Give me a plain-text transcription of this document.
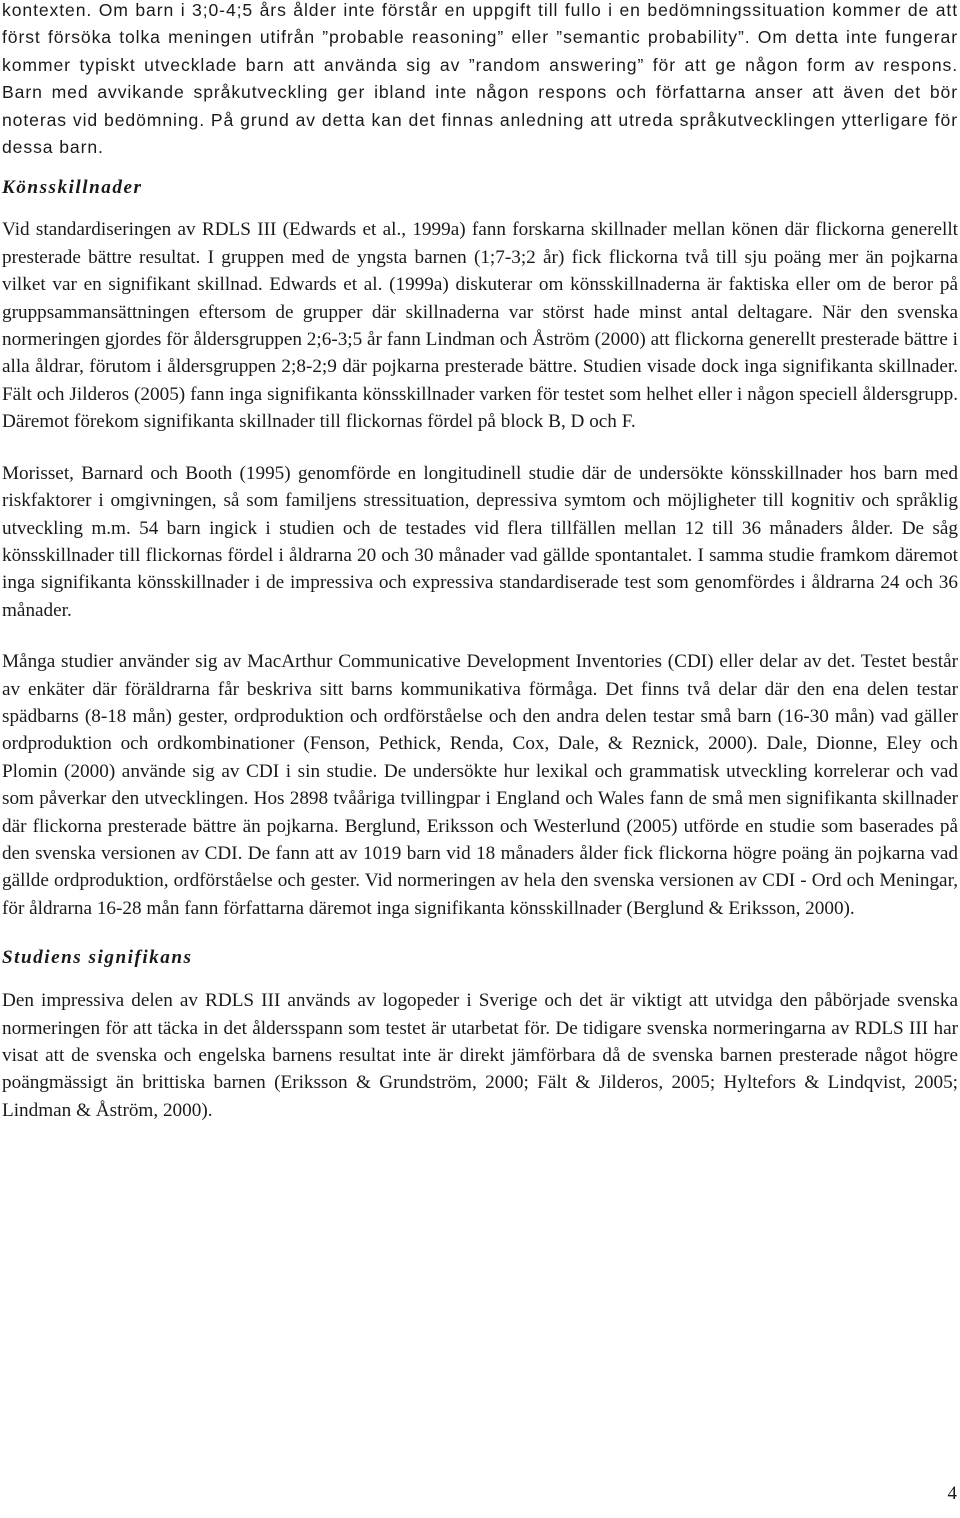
kontexten. Om barn i 3;0-4;5 års ålder inte förstår en uppgift till fullo i en bedömningssituation kommer de att först försöka tolka meningen utifrån ”probable reasoning” eller ”semantic probability”. Om detta inte fungerar kommer typiskt utvecklade barn att använda sig av ”random answering” för att ge någon form av respons. Barn med avvikande språkutveckling ger ibland inte någon respons och författarna anser att även det bör noteras vid bedömning. På grund av detta kan det finnas anledning att utreda språkutvecklingen ytterligare för dessa barn.

Könsskillnader

Vid standardiseringen av RDLS III (Edwards et al., 1999a) fann forskarna skillnader mellan könen där flickorna generellt presterade bättre resultat. I gruppen med de yngsta barnen (1;7-3;2 år) fick flickorna två till sju poäng mer än pojkarna vilket var en signifikant skillnad. Edwards et al. (1999a) diskuterar om könsskillnaderna är faktiska eller om de beror på gruppsammansättningen eftersom de grupper där skillnaderna var störst hade minst antal deltagare. När den svenska normeringen gjordes för åldersgruppen 2;6-3;5 år fann Lindman och Åström (2000) att flickorna generellt presterade bättre i alla åldrar, förutom i åldersgruppen 2;8-2;9 där pojkarna presterade bättre. Studien visade dock inga signifikanta skillnader. Fält och Jilderos (2005) fann inga signifikanta könsskillnader varken för testet som helhet eller i någon speciell åldersgrupp. Däremot förekom signifikanta skillnader till flickornas fördel på block B, D och F.

Morisset, Barnard och Booth (1995) genomförde en longitudinell studie där de undersökte könsskillnader hos barn med riskfaktorer i omgivningen, så som familjens stressituation, depressiva symtom och möjligheter till kognitiv och språklig utveckling m.m. 54 barn ingick i studien och de testades vid flera tillfällen mellan 12 till 36 månaders ålder. De såg könsskillnader till flickornas fördel i åldrarna 20 och 30 månader vad gällde spontantalet. I samma studie framkom däremot inga signifikanta könsskillnader i de impressiva och expressiva standardiserade test som genomfördes i åldrarna 24 och 36 månader.

Många studier använder sig av MacArthur Communicative Development Inventories (CDI) eller delar av det. Testet består av enkäter där föräldrarna får beskriva sitt barns kommunikativa förmåga. Det finns två delar där den ena delen testar spädbarns (8-18 mån) gester, ordproduktion och ordförståelse och den andra delen testar små barn (16-30 mån) vad gäller ordproduktion och ordkombinationer (Fenson, Pethick, Renda, Cox, Dale, & Reznick, 2000). Dale, Dionne, Eley och Plomin (2000) använde sig av CDI i sin studie. De undersökte hur lexikal och grammatisk utveckling korrelerar och vad som påverkar den utvecklingen. Hos 2898 tvååriga tvillingpar i England och Wales fann de små men signifikanta skillnader där flickorna presterade bättre än pojkarna. Berglund, Eriksson och Westerlund (2005) utförde en studie som baserades på den svenska versionen av CDI. De fann att av 1019 barn vid 18 månaders ålder fick flickorna högre poäng än pojkarna vad gällde ordproduktion, ordförståelse och gester. Vid normeringen av hela den svenska versionen av CDI - Ord och Meningar, för åldrarna 16-28 mån fann författarna däremot inga signifikanta könsskillnader (Berglund & Eriksson, 2000).

Studiens signifikans

Den impressiva delen av RDLS III används av logopeder i Sverige och det är viktigt att utvidga den påbörjade svenska normeringen för att täcka in det åldersspann som testet är utarbetat för. De tidigare svenska normeringarna av RDLS III har visat att de svenska och engelska barnens resultat inte är direkt jämförbara då de svenska barnen presterade något högre poängmässigt än brittiska barnen (Eriksson & Grundström, 2000; Fält & Jilderos, 2005; Hyltefors & Lindqvist, 2005; Lindman & Åström, 2000).

4
